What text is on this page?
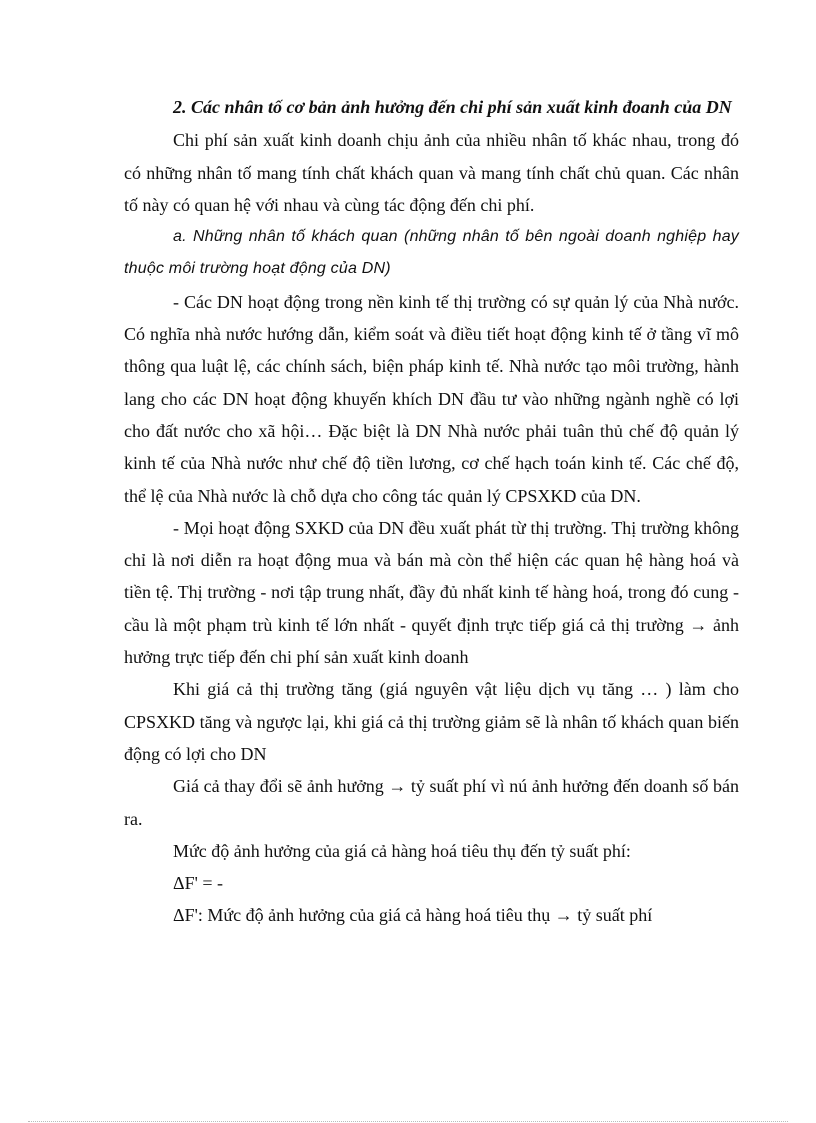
2. Các nhân tố cơ bản ảnh hưởng đến chi phí sản xuất kinh đoanh của DN

Chi phí sản xuất kinh doanh chịu ảnh của nhiều nhân tố khác nhau, trong đó có những nhân tố mang tính chất khách quan và mang tính chất chủ quan. Các nhân tố này có quan hệ với nhau và cùng tác động đến chi phí.

a. Những nhân tố khách quan (những nhân tố bên ngoài doanh nghiệp hay thuộc môi trường hoạt động của DN)

- Các DN hoạt động trong nền kinh tế thị trường có sự quản lý của Nhà nước. Có nghĩa nhà nước hướng dẫn, kiểm soát và điều tiết hoạt động kinh tế ở tầng vĩ mô thông qua luật lệ, các chính sách, biện pháp kinh tế. Nhà nước tạo môi trường, hành lang cho các DN hoạt động khuyến khích DN đầu tư vào những ngành nghề có lợi cho đất nước cho xã hội… Đặc biệt là DN Nhà nước phải tuân thủ chế độ quản lý kinh tế của Nhà nước như chế độ tiền lương, cơ chế hạch toán kinh tế. Các chế độ, thể lệ của Nhà nước là chỗ dựa cho công tác quản lý CPSXKD của DN.

- Mọi hoạt động SXKD của DN đều xuất phát từ thị trường. Thị trường không chỉ là nơi diễn ra hoạt động mua và bán mà còn thể hiện các quan hệ hàng hoá và tiền tệ. Thị trường - nơi tập trung nhất, đầy đủ nhất kinh tế hàng hoá, trong đó cung - cầu là một phạm trù kinh tế lớn nhất - quyết định trực tiếp giá cả thị trường → ảnh hưởng trực tiếp đến chi phí sản xuất kinh doanh

Khi giá cả thị trường tăng (giá nguyên vật liệu dịch vụ tăng … ) làm cho CPSXKD tăng và ngược lại, khi giá cả thị trường giảm sẽ là nhân tố khách quan biến động có lợi cho DN

Giá cả thay đổi sẽ ảnh hưởng → tỷ suất phí vì nú ảnh hưởng đến doanh số bán ra.

Mức độ ảnh hưởng của giá cả hàng hoá tiêu thụ đến tỷ suất phí:

ΔF' = -

ΔF': Mức độ ảnh hưởng của giá cả hàng hoá tiêu thụ → tỷ suất phí
